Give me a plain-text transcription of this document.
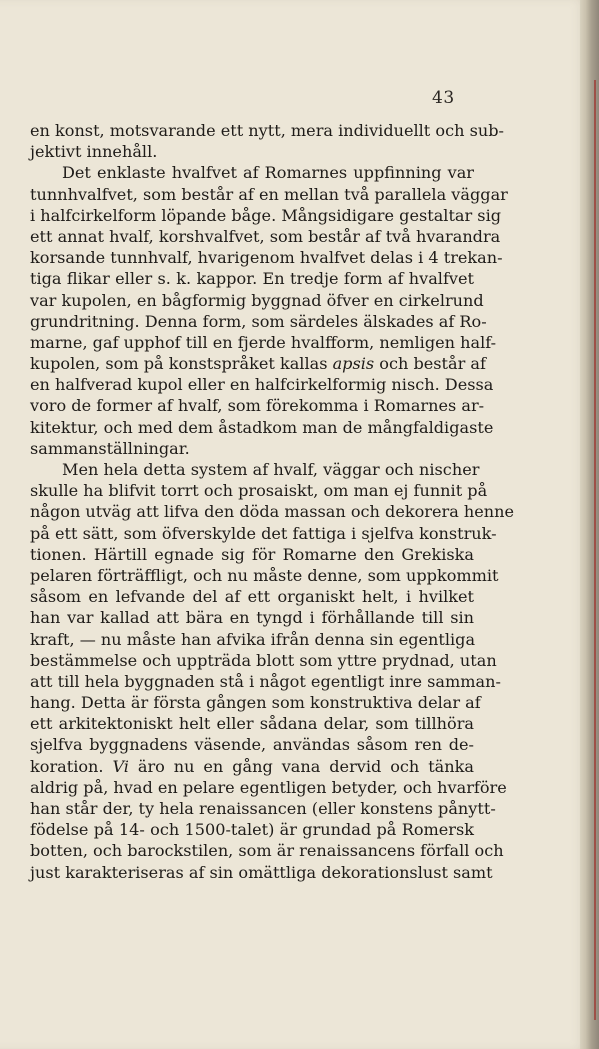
43
en konst, motsvarande ett nytt, mera individuellt och sub-
jektivt innehåll.
Det enklaste hvalfvet af Romarnes uppfinning var
tunnhvalfvet, som består af en mellan två parallela väggar
i halfcirkelform löpande båge. Mångsidigare gestaltar sig
ett annat hvalf, korshvalfvet, som består af två hvarandra
korsande tunnhvalf, hvarigenom hvalfvet delas i 4 trekan-
tiga flikar eller s. k. kappor. En tredje form af hvalfvet
var kupolen, en bågformig byggnad öfver en cirkelrund
grundritning. Denna form, som särdeles älskades af Ro-
marne, gaf upphof till en fjerde hvalfform, nemligen half-
kupolen, som på konstspråket kallas apsis och består af
en halfverad kupol eller en halfcirkelformig nisch. Dessa
voro de former af hvalf, som förekomma i Romarnes ar-
kitektur, och med dem åstadkom man de mångfaldigaste
sammanställningar.
Men hela detta system af hvalf, väggar och nischer
skulle ha blifvit torrt och prosaiskt, om man ej funnit på
någon utväg att lifva den döda massan och dekorera henne
på ett sätt, som öfverskylde det fattiga i sjelfva konstruk-
tionen. Härtill egnade sig för Romarne den Grekiska
pelaren förträffligt, och nu måste denne, som uppkommit
såsom en lefvande del af ett organiskt helt, i hvilket
han var kallad att bära en tyngd i förhållande till sin
kraft, — nu måste han afvika ifrån denna sin egentliga
bestämmelse och uppträda blott som yttre prydnad, utan
att till hela byggnaden stå i något egentligt inre samman-
hang. Detta är första gången som konstruktiva delar af
ett arkitektoniskt helt eller sådana delar, som tillhöra
sjelfva byggnadens väsende, användas såsom ren de-
koration. Vi äro nu en gång vana dervid och tänka
aldrig på, hvad en pelare egentligen betyder, och hvarföre
han står der, ty hela renaissancen (eller konstens pånytt-
födelse på 14- och 1500-talet) är grundad på Romersk
botten, och barockstilen, som är renaissancens förfall och
just karakteriseras af sin omättliga dekorationslust samt
